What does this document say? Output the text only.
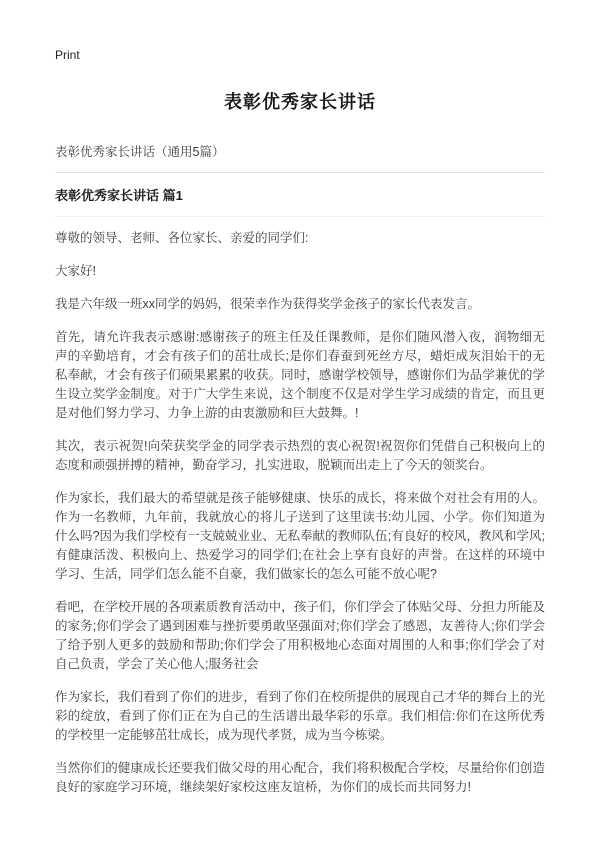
Print
表彰优秀家长讲话
表彰优秀家长讲话（通用5篇）
表彰优秀家长讲话 篇1

尊敬的领导、老师、各位家长、亲爱的同学们:

大家好!

我是六年级一班xx同学的妈妈，很荣幸作为获得奖学金孩子的家长代表发言。

首先，请允许我表示感谢:感谢孩子的班主任及任课教师，是你们随风潜入夜，润物细无声的辛勤培育，才会有孩子们的茁壮成长;是你们春蚕到死丝方尽，蜡炬成灰泪始干的无私奉献，才会有孩子们硕果累累的收获。同时，感谢学校领导，感谢你们为品学兼优的学生设立奖学金制度。对于广大学生来说，这个制度不仅是对学生学习成绩的肯定，而且更是对他们努力学习、力争上游的由衷激励和巨大鼓舞。!

其次，表示祝贺!向荣获奖学金的同学表示热烈的衷心祝贺!祝贺你们凭借自己积极向上的态度和顽强拼搏的精神，勤奋学习，扎实进取，脱颖而出走上了今天的领奖台。

作为家长，我们最大的希望就是孩子能够健康、快乐的成长，将来做个对社会有用的人。作为一名教师，九年前，我就放心的将儿子送到了这里读书:幼儿园、小学。你们知道为什么吗?因为我们学校有一支兢兢业业、无私奉献的教师队伍;有良好的校风，教风和学风;有健康活泼、积极向上、热爱学习的同学们;在社会上享有良好的声誉。在这样的环境中学习、生活，同学们怎么能不自豪，我们做家长的怎么可能不放心呢?

看吧，在学校开展的各项素质教育活动中，孩子们，你们学会了体贴父母、分担力所能及的家务;你们学会了遇到困难与挫折要勇敢坚强面对;你们学会了感恩，友善待人;你们学会了给予别人更多的鼓励和帮助;你们学会了用积极地心态面对周围的人和事;你们学会了对自己负责，学会了关心他人;服务社会

作为家长，我们看到了你们的进步，看到了你们在校所提供的展现自己才华的舞台上的光彩的绽放，看到了你们正在为自己的生活谱出最华彩的乐章。我们相信:你们在这所优秀的学校里一定能够茁壮成长，成为现代孝贤，成为当今栋梁。

当然你们的健康成长还要我们做父母的用心配合，我们将积极配合学校，尽量给你们创造良好的家庭学习环境，继续架好家校这座友谊桥，为你们的成长而共同努力!
